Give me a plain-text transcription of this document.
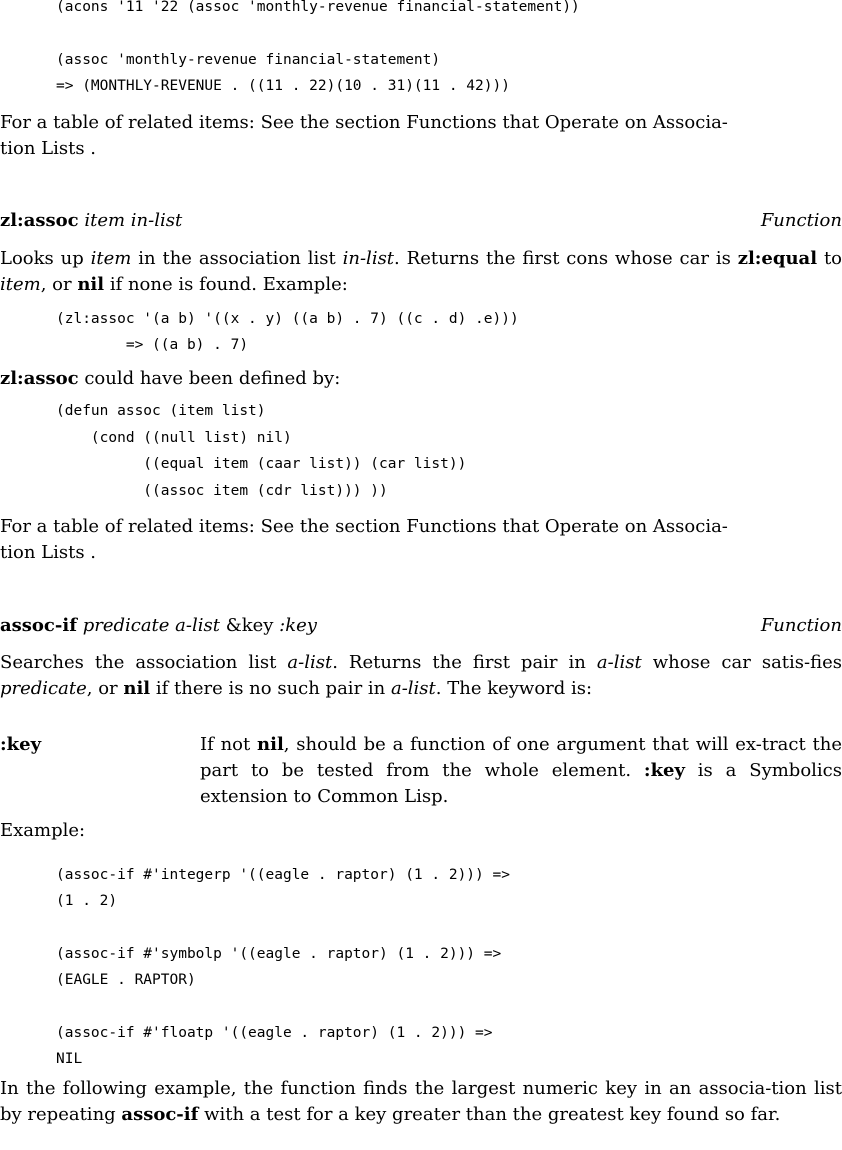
(acons '11 '22 (assoc 'monthly-revenue financial-statement))
(assoc 'monthly-revenue financial-statement)
=> (MONTHLY-REVENUE . ((11 . 22)(10 . 31)(11 . 42)))

For a table of related items: See the section Functions that Operate on Associa-
tion Lists .

zl:assoc item in-list	Function

Looks up item in the association list in-list. Returns the first cons whose car is zl:equal to item, or nil if none is found. Example:

(zl:assoc '(a b) '((x . y) ((a b) . 7) ((c . d) .e)))
=> ((a b) . 7)

zl:assoc could have been defined by:

(defun assoc (item list)
(cond ((null list) nil)
((equal item (caar list)) (car list))
((assoc item (cdr list))) ))

For a table of related items: See the section Functions that Operate on Associa-
tion Lists .

assoc-if predicate a-list &key :key	Function

Searches the association list a-list. Returns the first pair in a-list whose car satis-fies predicate, or nil if there is no such pair in a-list. The keyword is:

:key	If not nil, should be a function of one argument that will ex-tract the part to be tested from the whole element. :key is a Symbolics extension to Common Lisp.

Example:

(assoc-if #'integerp '((eagle . raptor) (1 . 2))) =>
(1 . 2)
(assoc-if #'symbolp '((eagle . raptor) (1 . 2))) =>
(EAGLE . RAPTOR)
(assoc-if #'floatp '((eagle . raptor) (1 . 2))) =>
NIL

In the following example, the function finds the largest numeric key in an associa-tion list by repeating assoc-if with a test for a key greater than the greatest key found so far.
